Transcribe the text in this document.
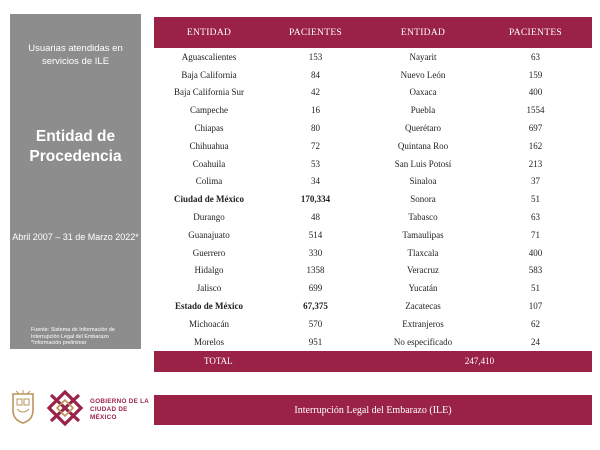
Usuarias atendidas en servicios de ILE
Entidad de Procedencia
Abril 2007 – 31 de Marzo 2022*
Fuente: Sistema de Información de Interrupción Legal del Embarazo *Información preliminar
ENTIDAD	PACIENTES	ENTIDAD	PACIENTES
Aguascalientes	153	Nayarit	63
Baja California	84	Nuevo León	159
Baja California Sur	42	Oaxaca	400
Campeche	16	Puebla	1554
Chiapas	80	Querétaro	697
Chihuahua	72	Quintana Roo	162
Coahuila	53	San Luis Potosí	213
Colima	34	Sinaloa	37
Ciudad de México	170,334	Sonora	51
Durango	48	Tabasco	63
Guanajuato	514	Tamaulipas	71
Guerrero	330	Tlaxcala	400
Hidalgo	1358	Veracruz	583
Jalisco	699	Yucatán	51
Estado de México	67,375	Zacatecas	107
Michoacán	570	Extranjeros	62
Morelos	951	No especificado	24
TOTAL		247,410	
GOBIERNO DE LA
CIUDAD DE MÉXICO
Interrupción Legal del Embarazo (ILE)
